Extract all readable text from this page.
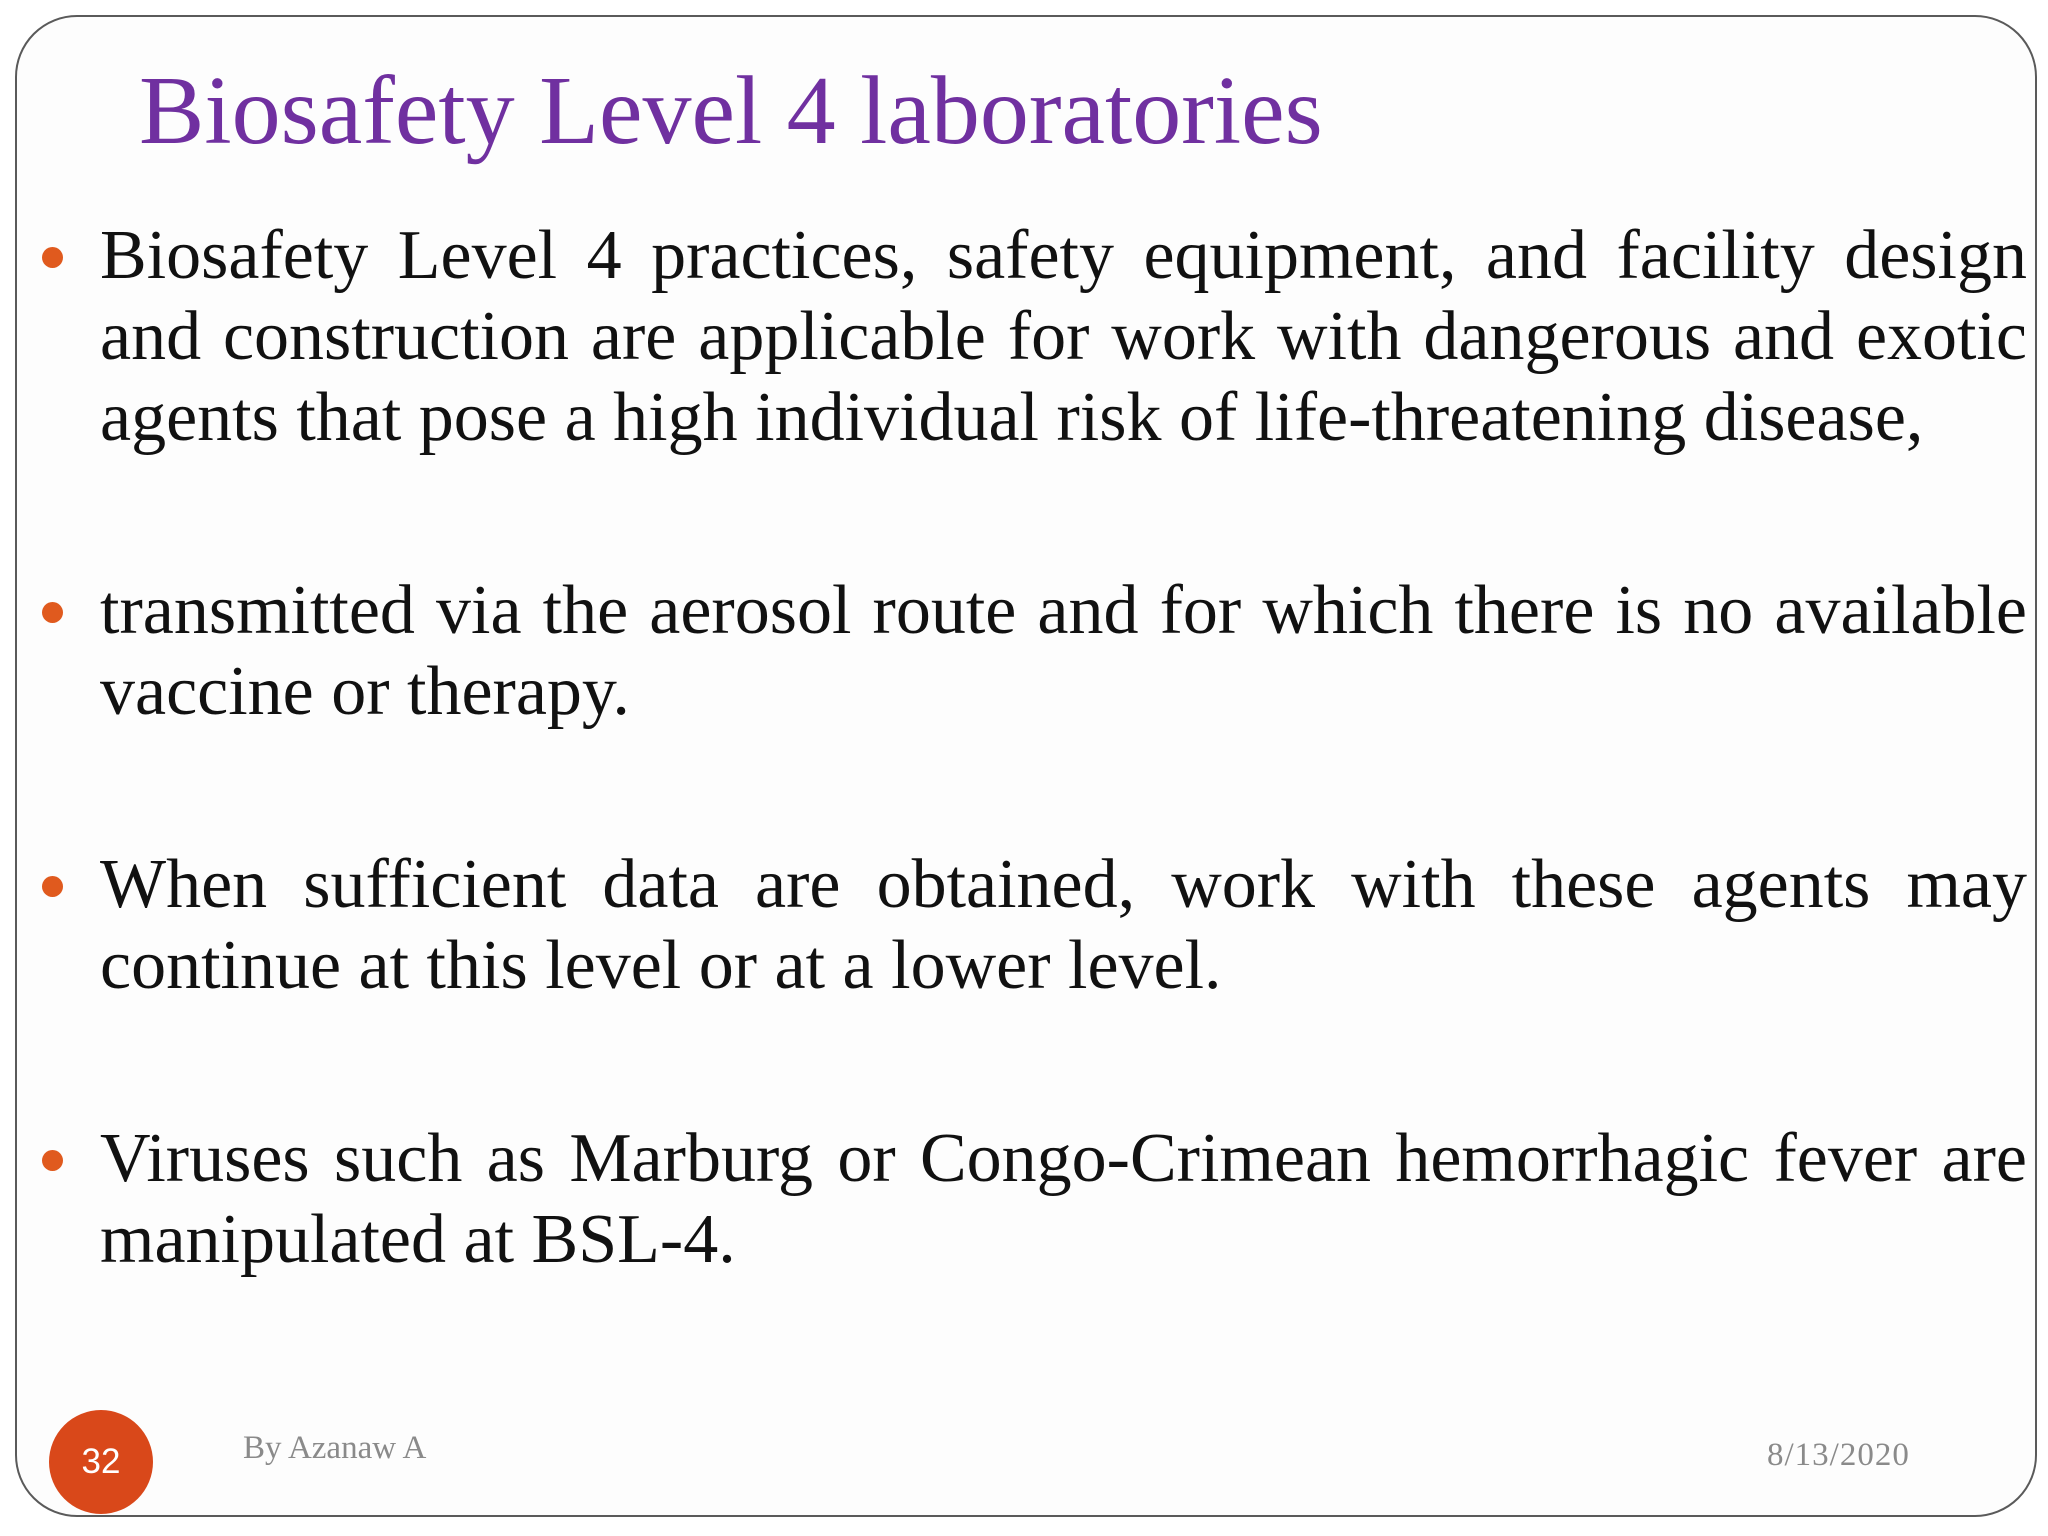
Biosafety Level 4 laboratories
Biosafety Level 4 practices, safety equipment, and facility design and construction are applicable for work with dangerous and exotic agents that pose a high individual risk of life-threatening disease,
transmitted via the aerosol route and for which there is no available vaccine or therapy.
When sufficient data are obtained, work with these agents may continue at this level or at a lower level.
Viruses such as Marburg or Congo-Crimean hemorrhagic fever are manipulated at BSL-4.
32	By Azanaw A	8/13/2020
